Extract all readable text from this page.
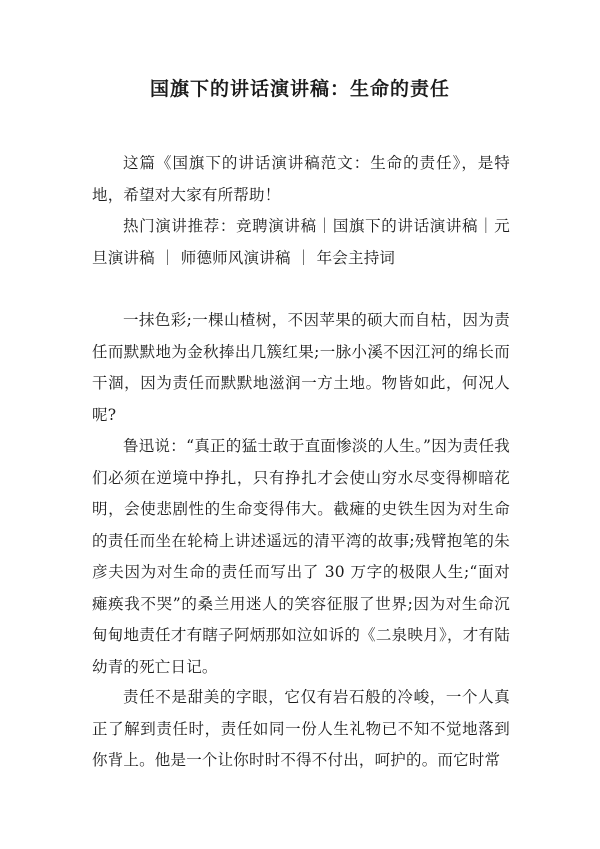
国旗下的讲话演讲稿：生命的责任

这篇《国旗下的讲话演讲稿范文：生命的责任》，是特地，希望对大家有所帮助！

热门演讲推荐：竞聘演讲稿｜国旗下的讲话演讲稿｜元旦演讲稿 ｜ 师德师风演讲稿 ｜ 年会主持词

一抹色彩;一棵山楂树，不因苹果的硕大而自枯，因为责任而默默地为金秋捧出几簇红果;一脉小溪不因江河的绵长而干涸，因为责任而默默地滋润一方土地。物皆如此，何况人呢?

鲁迅说：“真正的猛士敢于直面惨淡的人生。”因为责任我们必须在逆境中挣扎，只有挣扎才会使山穷水尽变得柳暗花明，会使悲剧性的生命变得伟大。截瘫的史铁生因为对生命的责任而坐在轮椅上讲述遥远的清平湾的故事;残臂抱笔的朱彦夫因为对生命的责任而写出了 30 万字的极限人生;“面对瘫痪我不哭”的桑兰用迷人的笑容征服了世界;因为对生命沉甸甸地责任才有瞎子阿炳那如泣如诉的《二泉映月》，才有陆幼青的死亡日记。

责任不是甜美的字眼，它仅有岩石般的冷峻，一个人真正了解到责任时，责任如同一份人生礼物已不知不觉地落到你背上。他是一个让你时时不得不付出，呵护的。而它时常
